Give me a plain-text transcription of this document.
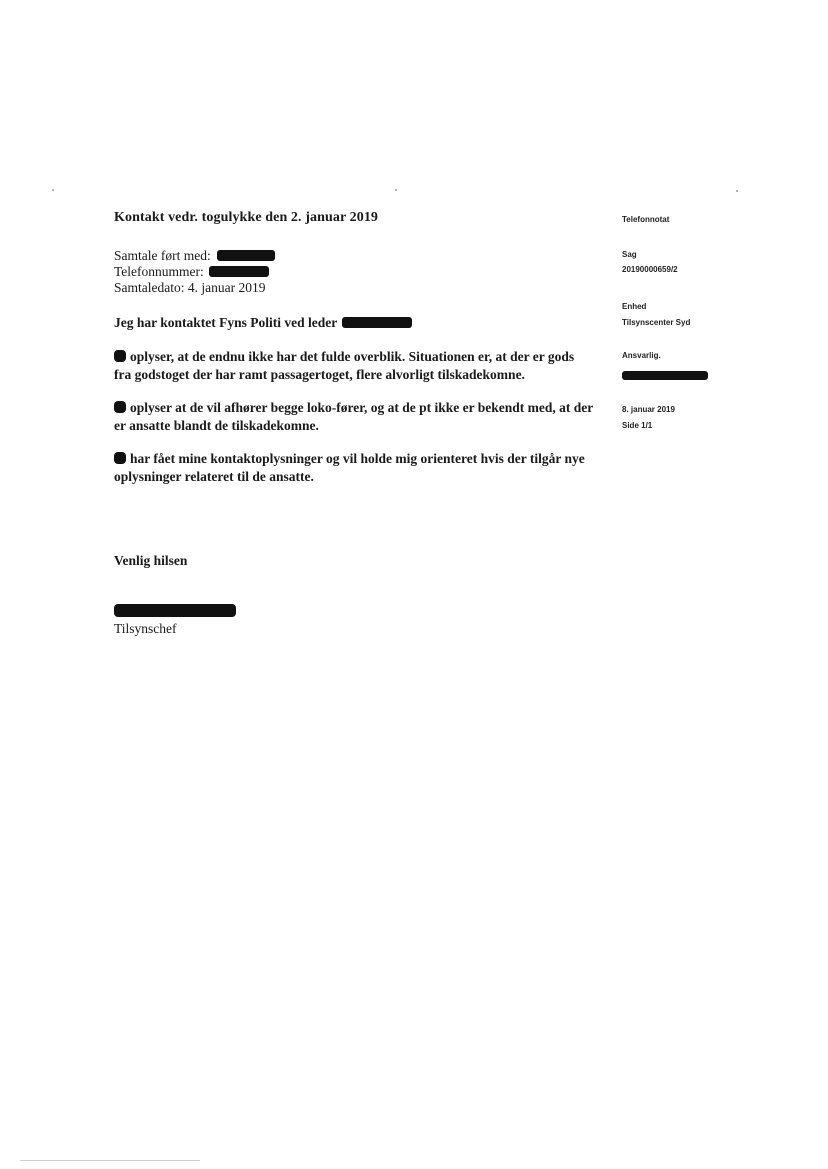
Kontakt vedr. togulykke den 2. januar 2019
Samtale ført med:
Telefonnummer:
Samtaledato: 4. januar 2019
Jeg har kontaktet Fyns Politi ved leder
oplyser, at de endnu ikke har det fulde overblik. Situationen er, at der er gods fra godstoget der har ramt passagertoget, flere alvorligt tilskadekomne.
oplyser at de vil afhører begge loko-fører, og at de pt ikke er bekendt med, at der er ansatte blandt de tilskadekomne.
har fået mine kontaktoplysninger og vil holde mig orienteret hvis der tilgår nye oplysninger relateret til de ansatte.
Venlig hilsen
Tilsynschef
Telefonnotat
Sag
20190000659/2
Enhed
Tilsynscenter Syd
Ansvarlig.
8. januar 2019
Side 1/1
